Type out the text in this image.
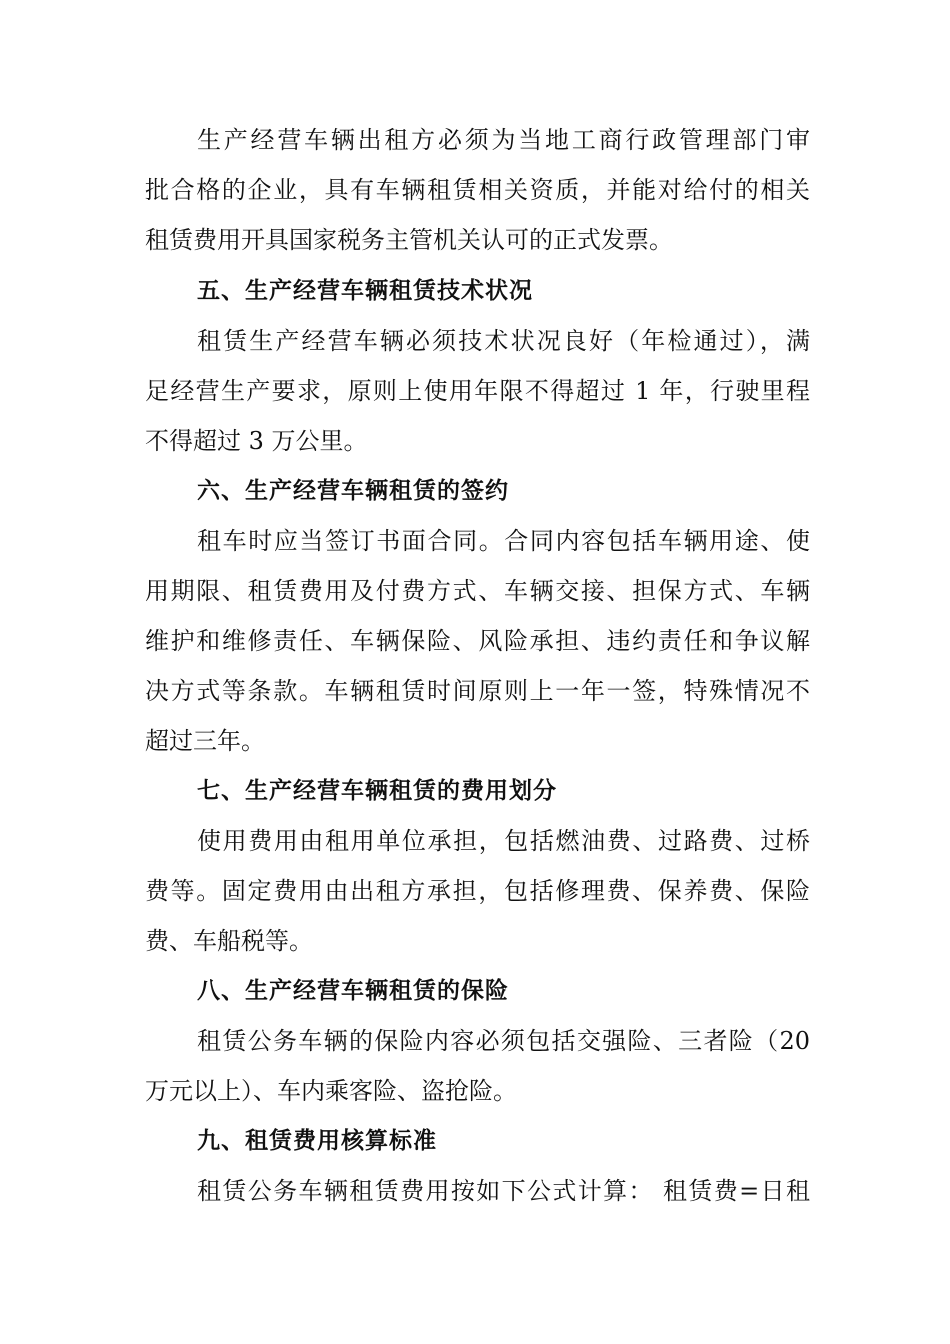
生产经营车辆出租方必须为当地工商行政管理部门审
批合格的企业，具有车辆租赁相关资质，并能对给付的相关
租赁费用开具国家税务主管机关认可的正式发票。
五、生产经营车辆租赁技术状况
租赁生产经营车辆必须技术状况良好（年检通过），满
足经营生产要求，原则上使用年限不得超过 1 年，行驶里程
不得超过 3 万公里。
六、生产经营车辆租赁的签约
租车时应当签订书面合同。合同内容包括车辆用途、使
用期限、租赁费用及付费方式、车辆交接、担保方式、车辆
维护和维修责任、车辆保险、风险承担、违约责任和争议解
决方式等条款。车辆租赁时间原则上一年一签，特殊情况不
超过三年。
七、生产经营车辆租赁的费用划分
使用费用由租用单位承担，包括燃油费、过路费、过桥
费等。固定费用由出租方承担，包括修理费、保养费、保险
费、车船税等。
八、生产经营车辆租赁的保险
租赁公务车辆的保险内容必须包括交强险、三者险（20
万元以上）、车内乘客险、盗抢险。
九、租赁费用核算标准
租赁公务车辆租赁费用按如下公式计算： 租赁费=日租
